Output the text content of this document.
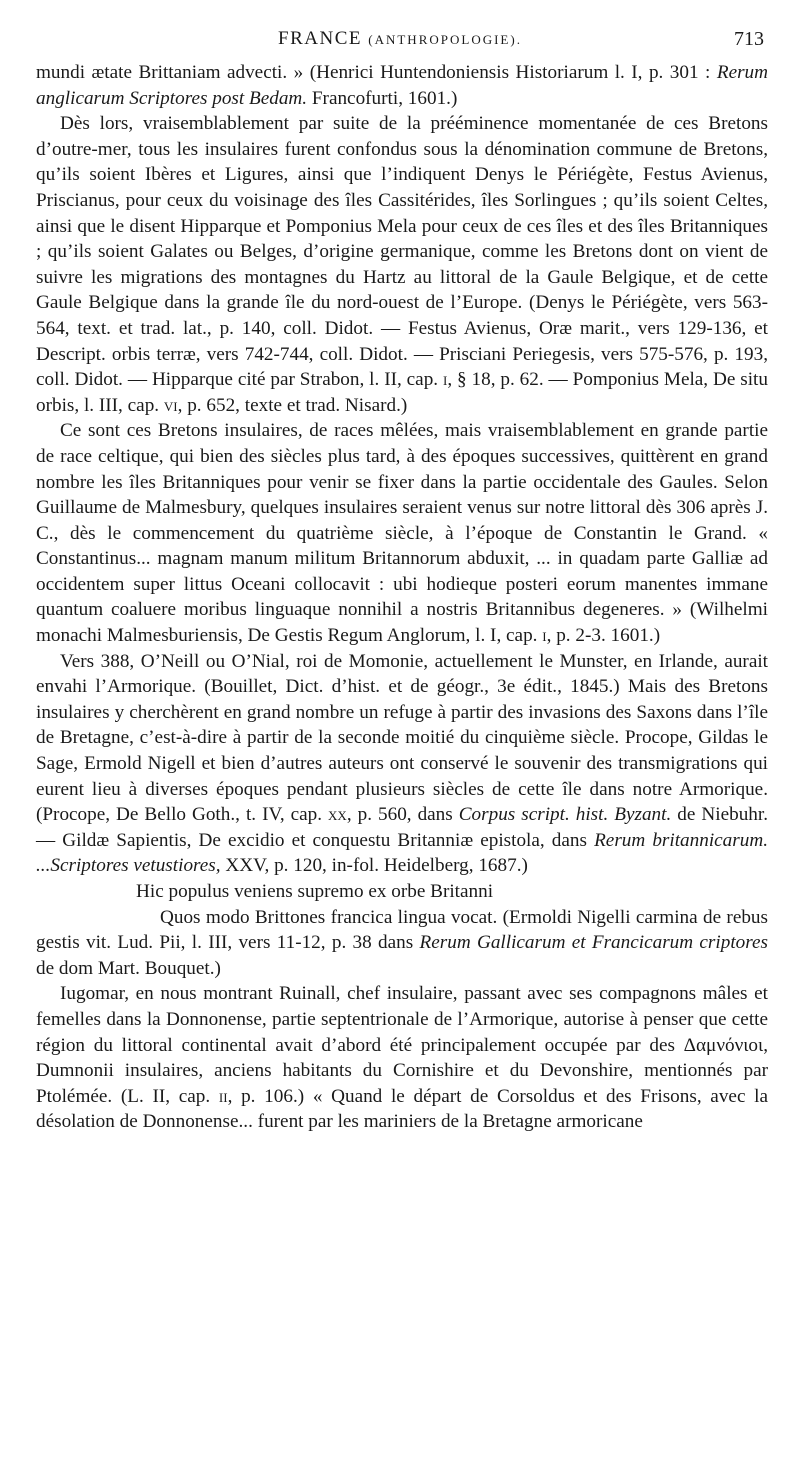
FRANCE (ANTHROPOLOGIE).	713

mundi ætate Brittaniam advecti. » (Henrici Huntendoniensis Historiarum l. I, p. 301 : Rerum anglicarum Scriptores post Bedam. Francofurti, 1601.)

Dès lors, vraisemblablement par suite de la prééminence momentanée de ces Bretons d’outre-mer, tous les insulaires furent confondus sous la dénomination commune de Bretons, qu’ils soient Ibères et Ligures, ainsi que l’indiquent Denys le Périégète, Festus Avienus, Priscianus, pour ceux du voisinage des îles Cassitérides, îles Sorlingues ; qu’ils soient Celtes, ainsi que le disent Hipparque et Pomponius Mela pour ceux de ces îles et des îles Britanniques ; qu’ils soient Galates ou Belges, d’origine germanique, comme les Bretons dont on vient de suivre les migrations des montagnes du Hartz au littoral de la Gaule Belgique, et de cette Gaule Belgique dans la grande île du nord-ouest de l’Europe. (Denys le Périégète, vers 563-564, text. et trad. lat., p. 140, coll. Didot. — Festus Avienus, Oræ marit., vers 129-136, et Descript. orbis terræ, vers 742-744, coll. Didot. — Prisciani Periegesis, vers 575-576, p. 193, coll. Didot. — Hipparque cité par Strabon, l. II, cap. i, § 18, p. 62. — Pomponius Mela, De situ orbis, l. III, cap. vi, p. 652, texte et trad. Nisard.)

Ce sont ces Bretons insulaires, de races mêlées, mais vraisemblablement en grande partie de race celtique, qui bien des siècles plus tard, à des époques successives, quittèrent en grand nombre les îles Britanniques pour venir se fixer dans la partie occidentale des Gaules. Selon Guillaume de Malmesbury, quelques insulaires seraient venus sur notre littoral dès 306 après J. C., dès le commencement du quatrième siècle, à l’époque de Constantin le Grand. « Constantinus... magnam manum militum Britannorum abduxit, ... in quadam parte Galliæ ad occidentem super littus Oceani collocavit : ubi hodieque posteri eorum manentes immane quantum coaluere moribus linguaque nonnihil a nostris Britannibus degeneres. » (Wilhelmi monachi Malmesburiensis, De Gestis Regum Anglorum, l. I, cap. i, p. 2-3. 1601.)

Vers 388, O’Neill ou O’Nial, roi de Momonie, actuellement le Munster, en Irlande, aurait envahi l’Armorique. (Bouillet, Dict. d’hist. et de géogr., 3e édit., 1845.) Mais des Bretons insulaires y cherchèrent en grand nombre un refuge à partir des invasions des Saxons dans l’île de Bretagne, c’est-à-dire à partir de la seconde moitié du cinquième siècle. Procope, Gildas le Sage, Ermold Nigell et bien d’autres auteurs ont conservé le souvenir des transmigrations qui eurent lieu à diverses époques pendant plusieurs siècles de cette île dans notre Armorique. (Procope, De Bello Goth., t. IV, cap. xx, p. 560, dans Corpus script. hist. Byzant. de Niebuhr. — Gildæ Sapientis, De excidio et conquestu Britanniæ epistola, dans Rerum britannicarum. ...Scriptores vetustiores, XXV, p. 120, in-fol. Heidelberg, 1687.)

Hic populus veniens supremo ex orbe Britanni

Quos modo Brittones francica lingua vocat. (Ermoldi Nigelli carmina de rebus gestis vit. Lud. Pii, l. III, vers 11-12, p. 38 dans Rerum Gallicarum et Francicarum criptores de dom Mart. Bouquet.)

Iugomar, en nous montrant Ruinall, chef insulaire, passant avec ses compagnons mâles et femelles dans la Donnonense, partie septentrionale de l’Armorique, autorise à penser que cette région du littoral continental avait d’abord été principalement occupée par des Δαμνόνιοι, Dumnonii insulaires, anciens habitants du Cornishire et du Devonshire, mentionnés par Ptolémée. (L. II, cap. ii, p. 106.) « Quand le départ de Corsoldus et des Frisons, avec la désolation de Donnonense... furent par les mariniers de la Bretagne armoricane
